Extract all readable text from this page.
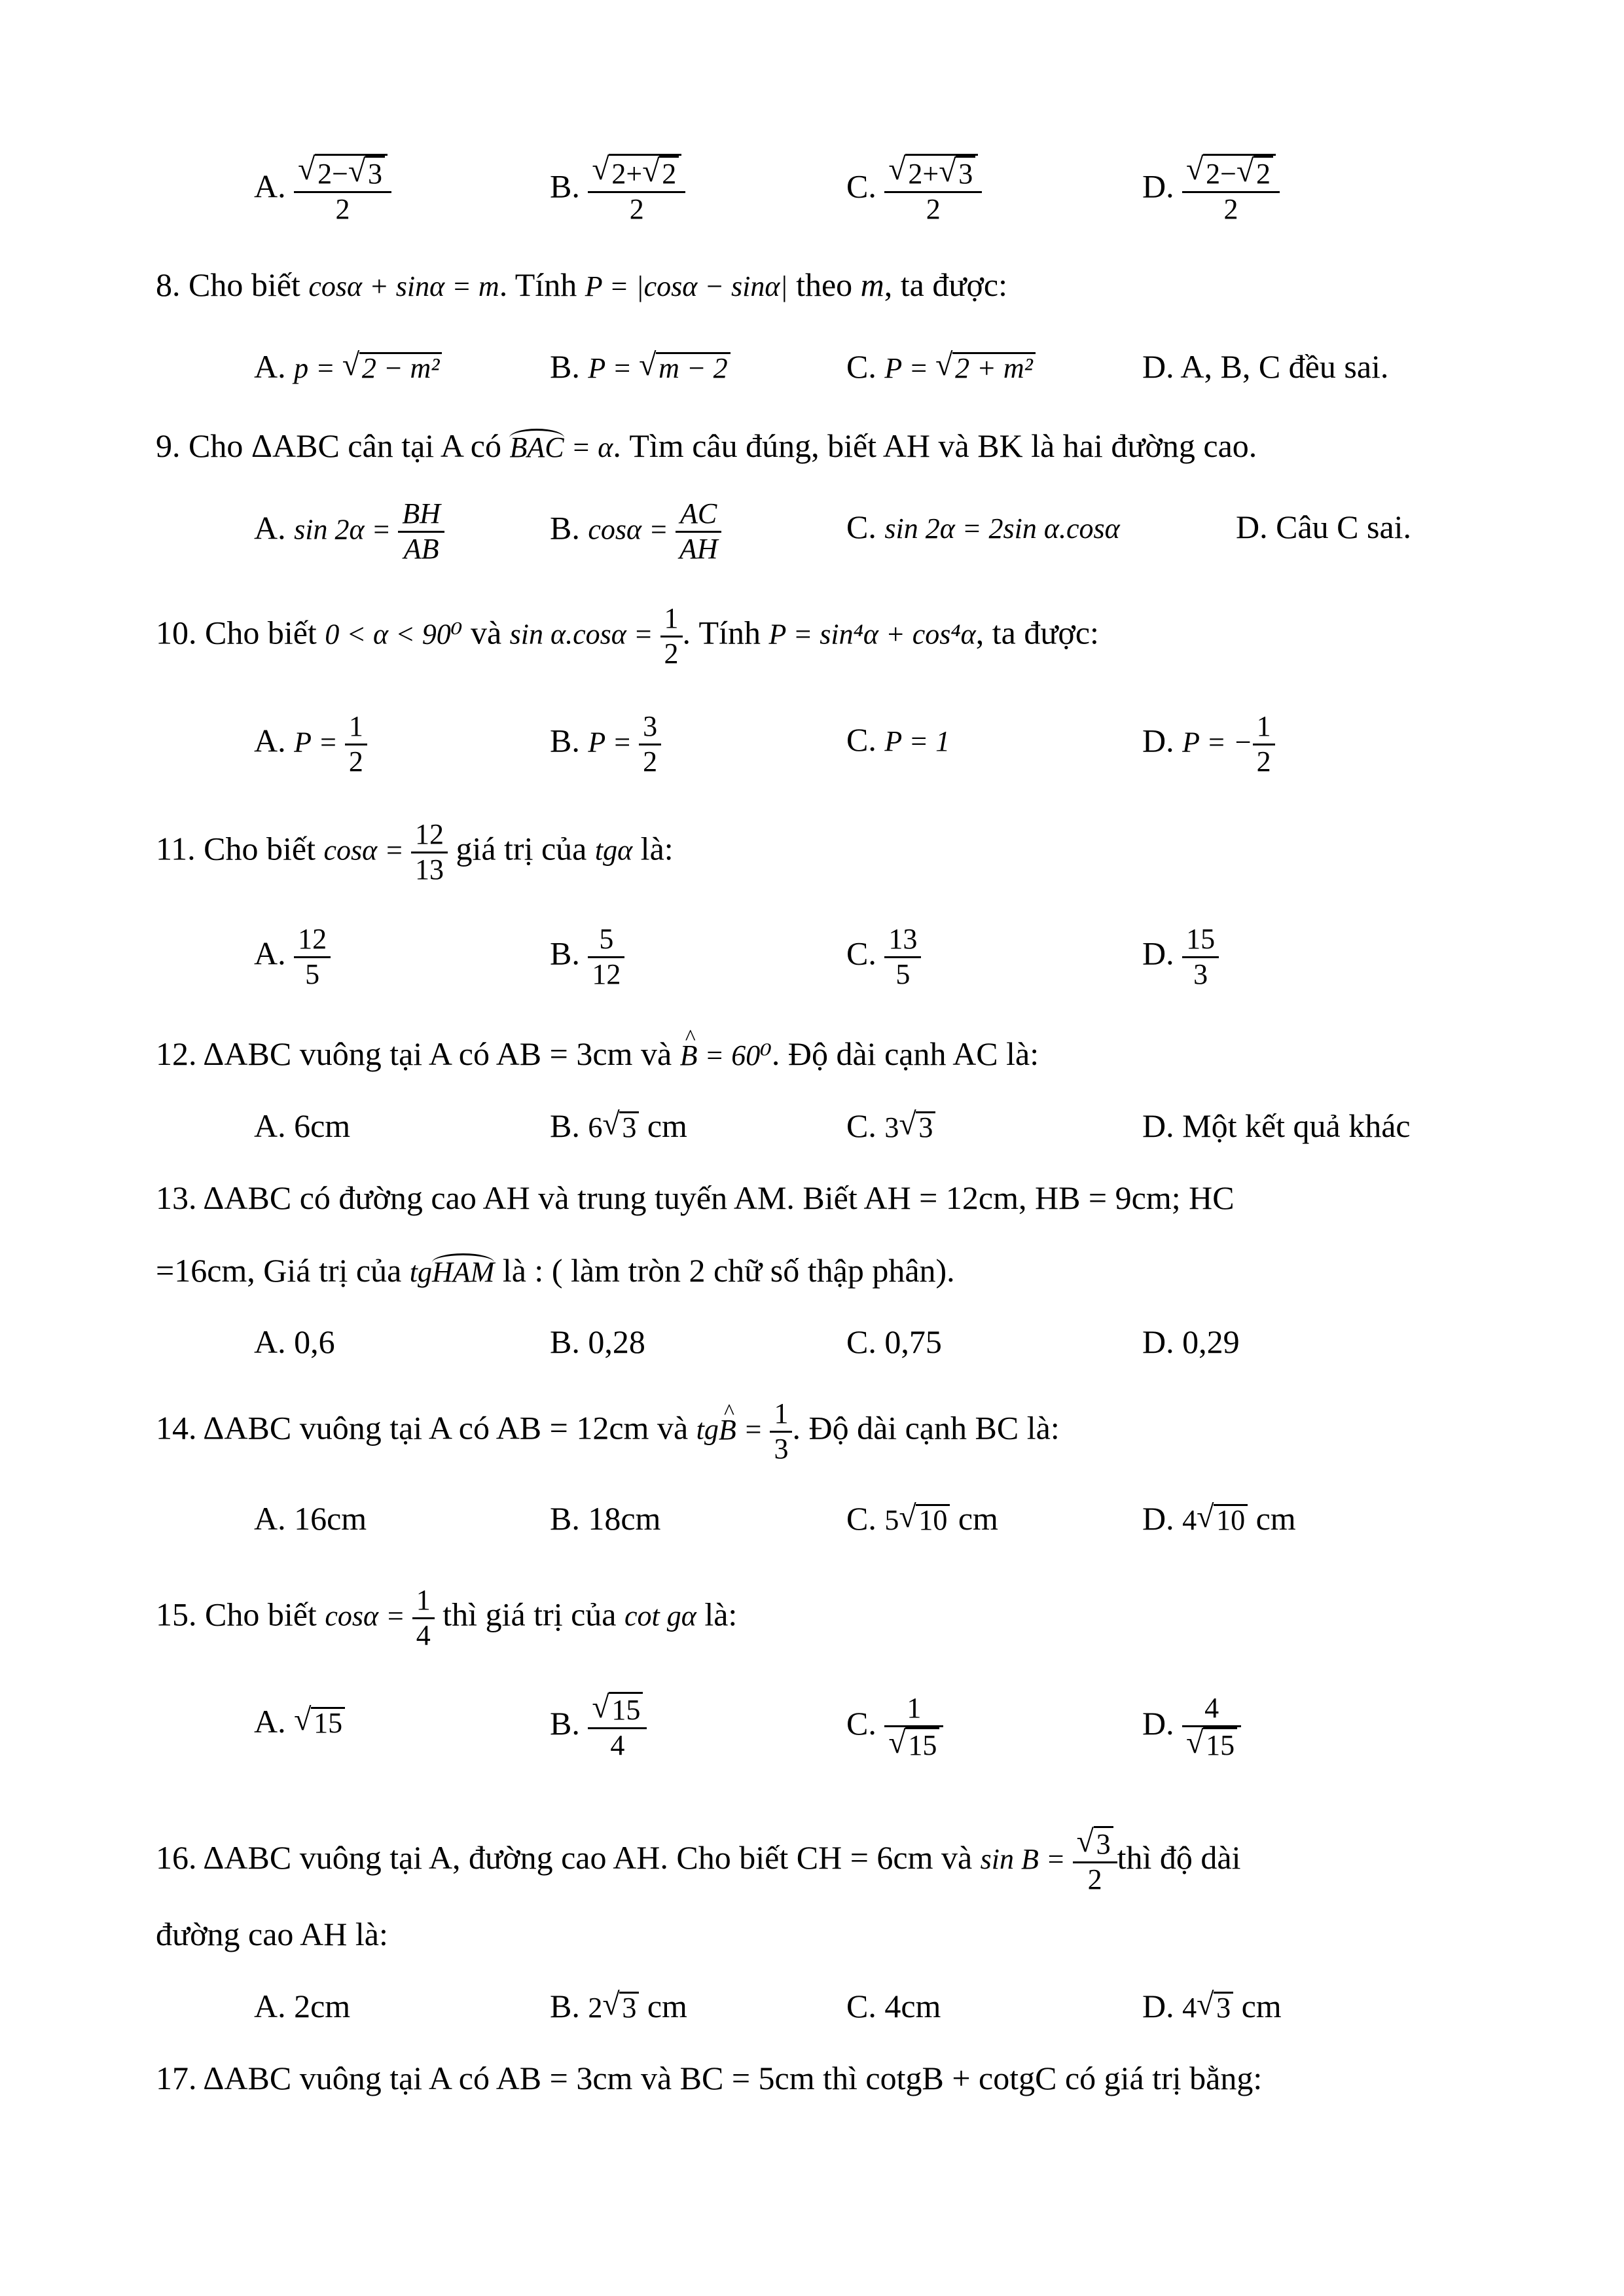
A. √ $\frac{2- √ 3}{2}$	B. √ $\frac{2+ √ 2}{2}$	C. √ $\frac{2+ √ 3}{2}$	D. √ $\frac{2- √ 2}{2}$
8. Cho biết cosα + sinα = m. Tính P = |cosα − sinα| theo m, ta được:
A. p = √ 2 − m²	B. P = √ m − 2	C. P = √ 2 + m²	D. A, B, C đều sai.
9. Cho ΔABC cân tại A có BAC = α. Tìm câu đúng, biết AH và BK là hai đường cao.
A. $\sin 2\alpha = \frac{BH}{AB}$	B. $\cos\alpha = \frac{AC}{AH}$	C. sin 2α = 2sin α.cosα	D. Câu C sai.
10. Cho biết 0 < α < 90⁰ và $\sin \alpha.\cos\alpha = \frac{1}{2}$ . Tính P = sin⁴α + cos⁴α, ta được:
A. $P = \frac{1}{2}$	B. $P = \frac{3}{2}$	C. P = 1	D. P = − $\frac{1}{2}$
11. Cho biết $\cos\alpha = \frac{12}{13}$ giá trị của tgα là:
A. $\frac{12}{5}$	B. $\frac{5}{12}$	C. $\frac{13}{5}$	D. $\frac{15}{3}$
12. ΔABC vuông tại A có AB = 3cm và ^ B = 60⁰. Độ dài cạnh AC là:
A. 6cm	B. 6 √ 3 cm	C. 3 √ 3	D. Một kết quả khác
13. ΔABC có đường cao AH và trung tuyến AM. Biết AH = 12cm, HB = 9cm; HC
=16cm, Giá trị của tgHAM là : ( làm tròn 2 chữ số thập phân).
A. 0,6	B. 0,28	C. 0,75	D. 0,29
14. ΔABC vuông tại A có AB = 12cm và tg^ $B = \frac{1}{3}$ . Độ dài cạnh BC là:
A. 16cm	B. 18cm	C. 5 √ 10 cm	D. 4 √ 10 cm
15. Cho biết $\cos\alpha = \frac{1}{4}$ thì giá trị của cot gα là:
A. √ 15	B. √ $\frac{15}{4}$	C. 1
√ 15	D. 4
√ 15
16. ΔABC vuông tại A, đường cao AH. Cho biết CH = 6cm và sin B = √ $\frac{3}{2}$ thì độ dài
đường cao AH là:
A. 2cm	B. 2 √ 3 cm	C. 4cm	D. 4 √ 3 cm
17. ΔABC vuông tại A có AB = 3cm và BC = 5cm thì cotgB + cotgC có giá trị bằng:
